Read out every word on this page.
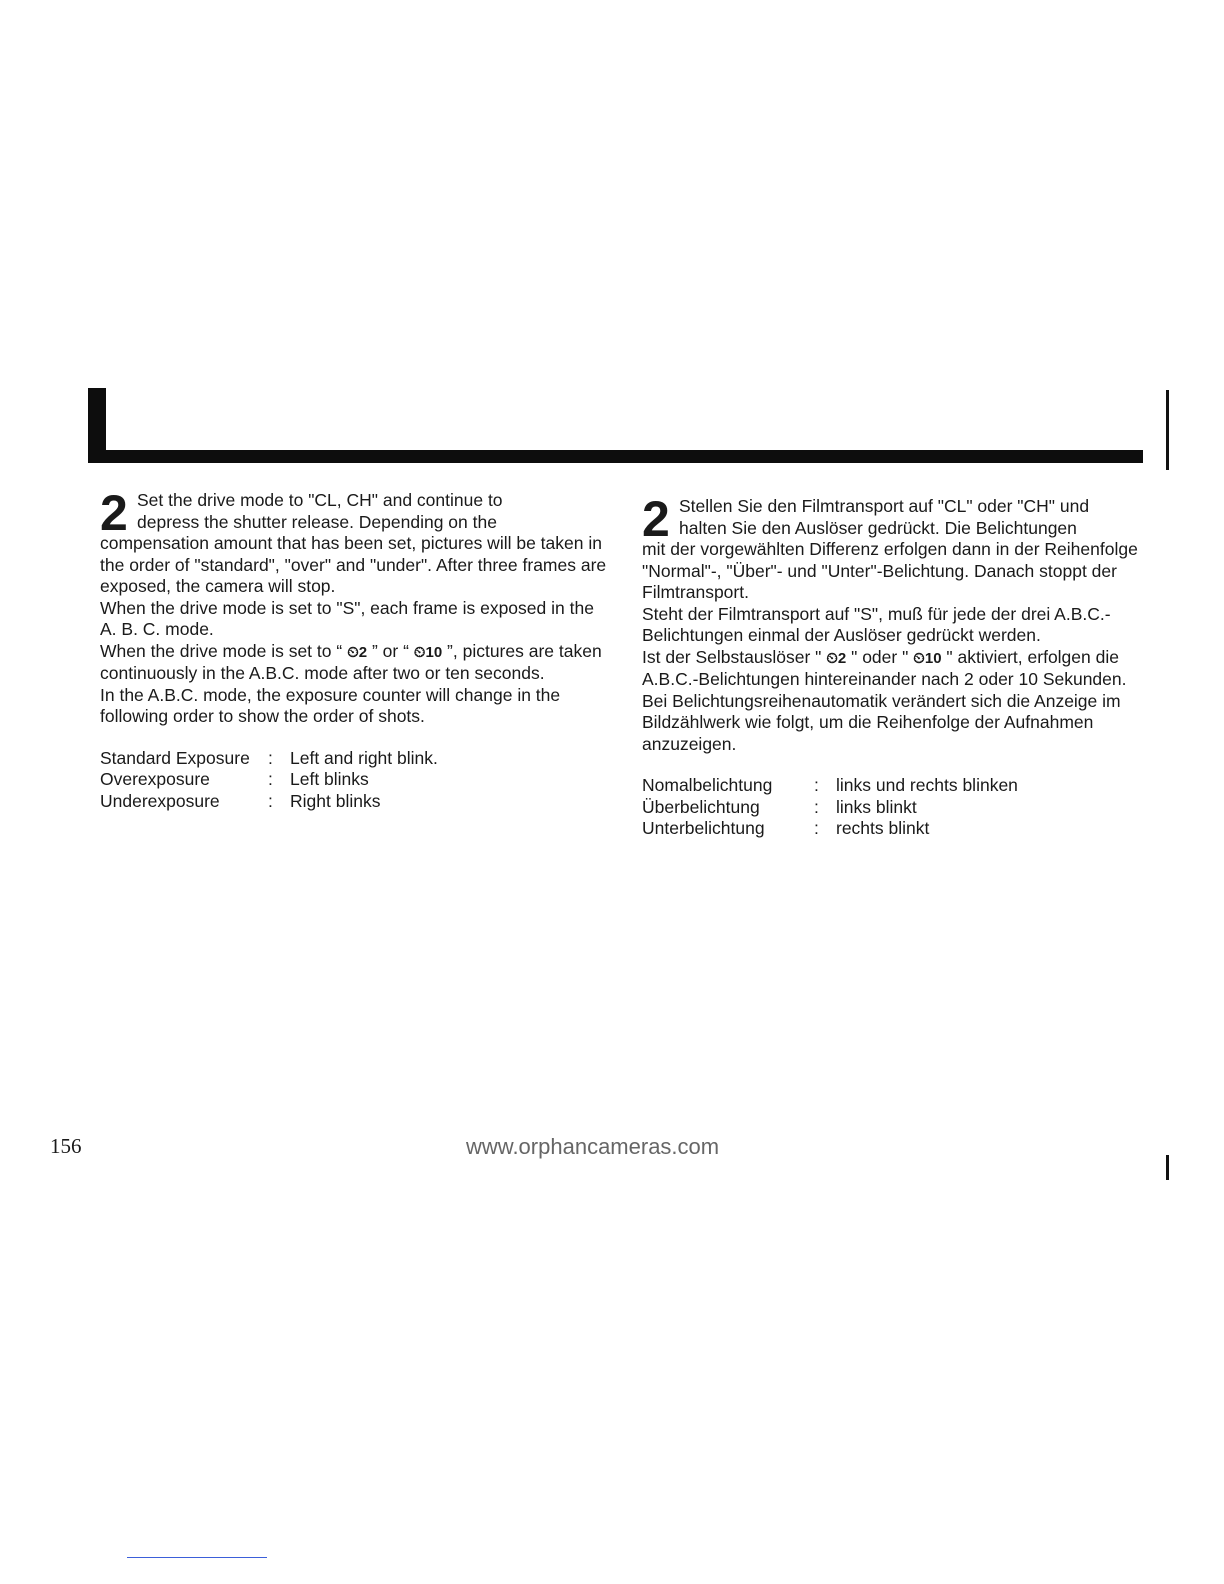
2 Set the drive mode to "CL, CH" and continue to
depress the shutter release. Depending on the

compensation amount that has been set, pictures will be taken in the order of "standard", "over" and "under". After three frames are exposed, the camera will stop.

When the drive mode is set to "S", each frame is exposed in the A. B. C. mode.

When the drive mode is set to “ ⏲2 ” or “ ⏲10 ”, pictures are taken continuously in the A.B.C. mode after two or ten seconds.

In the A.B.C. mode, the exposure counter will change in the following order to show the order of shots.

Standard Exposure	: Left and right blink.
Overexposure	: Left blinks
Underexposure	: Right blinks
2 Stellen Sie den Filmtransport auf "CL" oder "CH" und
halten Sie den Auslöser gedrückt. Die Belichtungen

mit der vorgewählten Differenz erfolgen dann in der Reihenfolge "Normal"-, "Über"- und "Unter"-Belichtung. Danach stoppt der Filmtransport.

Steht der Filmtransport auf "S", muß für jede der drei A.B.C.-Belichtungen einmal der Auslöser gedrückt werden.

Ist der Selbstauslöser " ⏲2 " oder " ⏲10 " aktiviert, erfolgen die A.B.C.-Belichtungen hintereinander nach 2 oder 10 Sekunden.

Bei Belichtungsreihenautomatik verändert sich die Anzeige im Bildzählwerk wie folgt, um die Reihenfolge der Aufnahmen anzuzeigen.

Nomalbelichtung	: links und rechts blinken
Überbelichtung	: links blinkt
Unterbelichtung	: rechts blinkt
156	www.orphancameras.com
